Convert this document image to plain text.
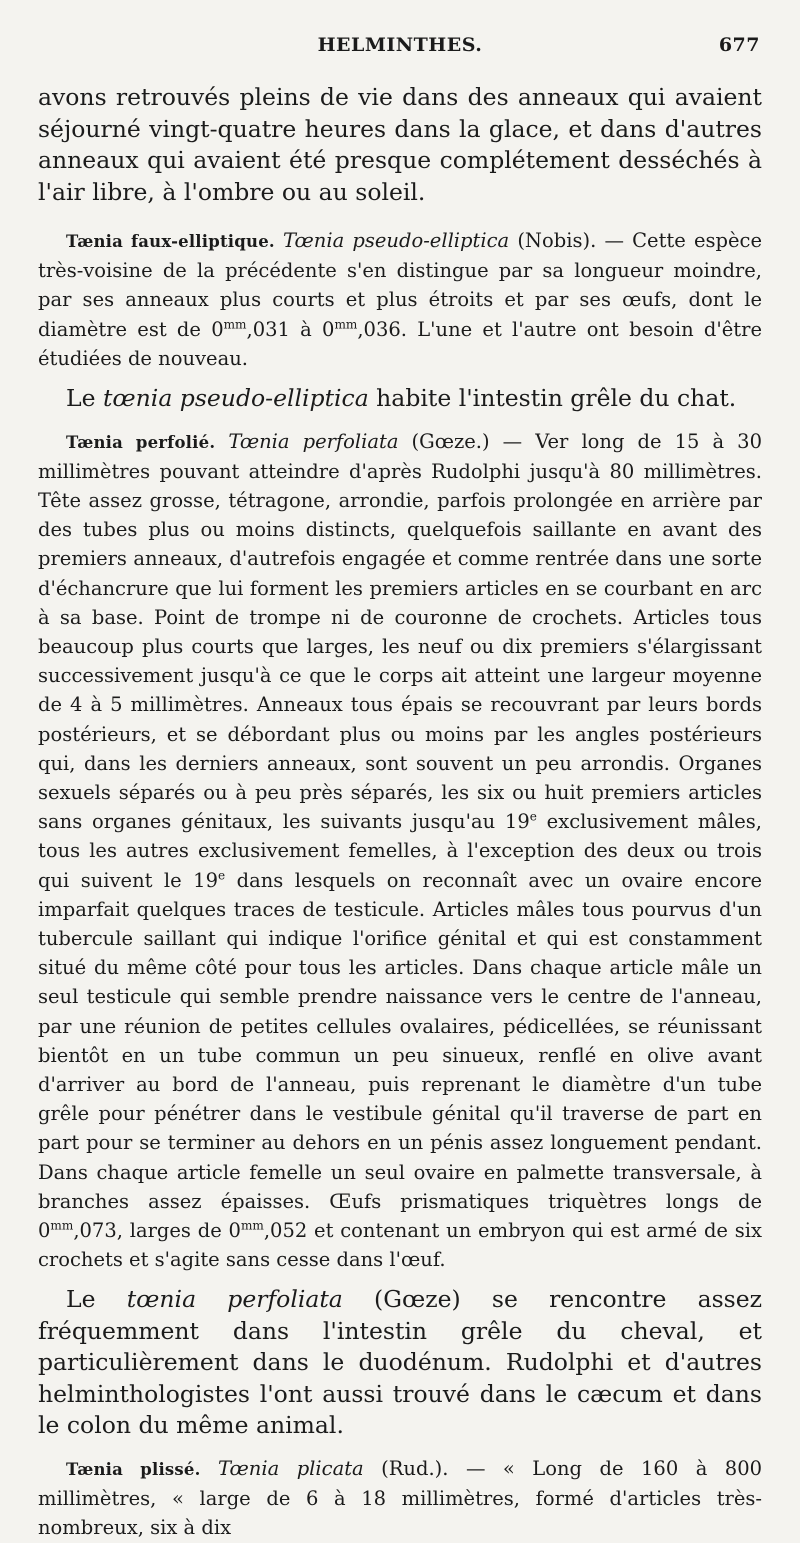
HELMINTHES.	677

avons retrouvés pleins de vie dans des anneaux qui avaient séjourné vingt-quatre heures dans la glace, et dans d'autres anneaux qui avaient été presque complétement desséchés à l'air libre, à l'ombre ou au soleil.

Tænia faux-elliptique. Tœnia pseudo-elliptica (Nobis). — Cette espèce très-voisine de la précédente s'en distingue par sa longueur moindre, par ses anneaux plus courts et plus étroits et par ses œufs, dont le diamètre est de $0^{mm},031$ à $0^{mm},036$. L'une et l'autre ont besoin d'être étudiées de nouveau.

Le tœnia pseudo-elliptica habite l'intestin grêle du chat.

Tænia perfolié. Tœnia perfoliata (Gœze.) — Ver long de 15 à 30 millimètres pouvant atteindre d'après Rudolphi jusqu'à 80 millimètres. Tête assez grosse, tétragone, arrondie, parfois prolongée en arrière par des tubes plus ou moins distincts, quelquefois saillante en avant des premiers anneaux, d'autrefois engagée et comme rentrée dans une sorte d'échancrure que lui forment les premiers articles en se courbant en arc à sa base. Point de trompe ni de couronne de crochets. Articles tous beaucoup plus courts que larges, les neuf ou dix premiers s'élargissant successivement jusqu'à ce que le corps ait atteint une largeur moyenne de 4 à 5 millimètres. Anneaux tous épais se recouvrant par leurs bords postérieurs, et se débordant plus ou moins par les angles postérieurs qui, dans les derniers anneaux, sont souvent un peu arrondis. Organes sexuels séparés ou à peu près séparés, les six ou huit premiers articles sans organes génitaux, les suivants jusqu'au 19e exclusivement mâles, tous les autres exclusivement femelles, à l'exception des deux ou trois qui suivent le 19e dans lesquels on reconnaît avec un ovaire encore imparfait quelques traces de testicule. Articles mâles tous pourvus d'un tubercule saillant qui indique l'orifice génital et qui est constamment situé du même côté pour tous les articles. Dans chaque article mâle un seul testicule qui semble prendre naissance vers le centre de l'anneau, par une réunion de petites cellules ovalaires, pédicellées, se réunissant bientôt en un tube commun un peu sinueux, renflé en olive avant d'arriver au bord de l'anneau, puis reprenant le diamètre d'un tube grêle pour pénétrer dans le vestibule génital qu'il traverse de part en part pour se terminer au dehors en un pénis assez longuement pendant. Dans chaque article femelle un seul ovaire en palmette transversale, à branches assez épaisses. Œufs prismatiques triquètres longs de $0^{mm},073$, larges de $0^{mm},052$ et contenant un embryon qui est armé de six crochets et s'agite sans cesse dans l'œuf.

Le tœnia perfoliata (Gœze) se rencontre assez fréquemment dans l'intestin grêle du cheval, et particulièrement dans le duodénum. Rudolphi et d'autres helminthologistes l'ont aussi trouvé dans le cæcum et dans le colon du même animal.

Tænia plissé. Tœnia plicata (Rud.). — « Long de 160 à 800 millimètres, « large de 6 à 18 millimètres, formé d'articles très-nombreux, six à dix
